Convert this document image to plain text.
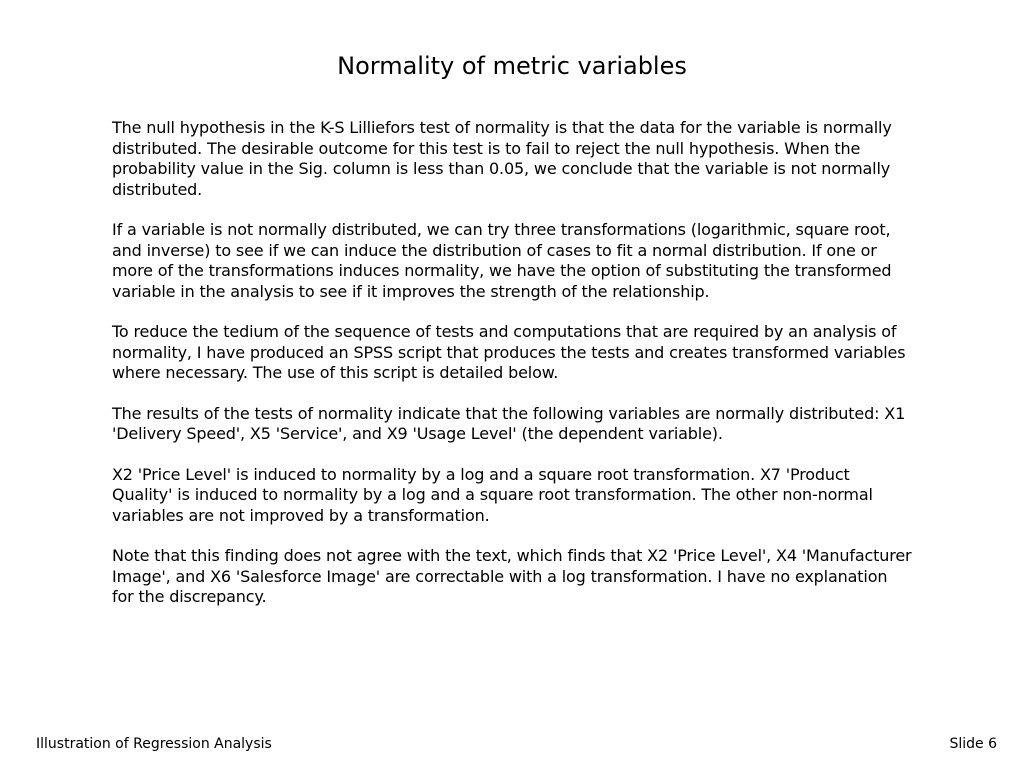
Normality of metric variables

The null hypothesis in the K-S Lilliefors test of normality is that the data for the variable is normally distributed. The desirable outcome for this test is to fail to reject the null hypothesis. When the probability value in the Sig. column is less than 0.05, we conclude that the variable is not normally distributed.

If a variable is not normally distributed, we can try three transformations (logarithmic, square root, and inverse) to see if we can induce the distribution of cases to fit a normal distribution. If one or more of the transformations induces normality, we have the option of substituting the transformed variable in the analysis to see if it improves the strength of the relationship.

To reduce the tedium of the sequence of tests and computations that are required by an analysis of normality, I have produced an SPSS script that produces the tests and creates transformed variables where necessary. The use of this script is detailed below.

The results of the tests of normality indicate that the following variables are normally distributed: X1 'Delivery Speed', X5 'Service', and X9 'Usage Level' (the dependent variable).

X2 'Price Level' is induced to normality by a log and a square root transformation. X7 'Product Quality' is induced to normality by a log and a square root transformation. The other non-normal variables are not improved by a transformation.

Note that this finding does not agree with the text, which finds that X2 'Price Level', X4 'Manufacturer Image', and X6 'Salesforce Image' are correctable with a log transformation. I have no explanation for the discrepancy.

Illustration of Regression Analysis	Slide 6
